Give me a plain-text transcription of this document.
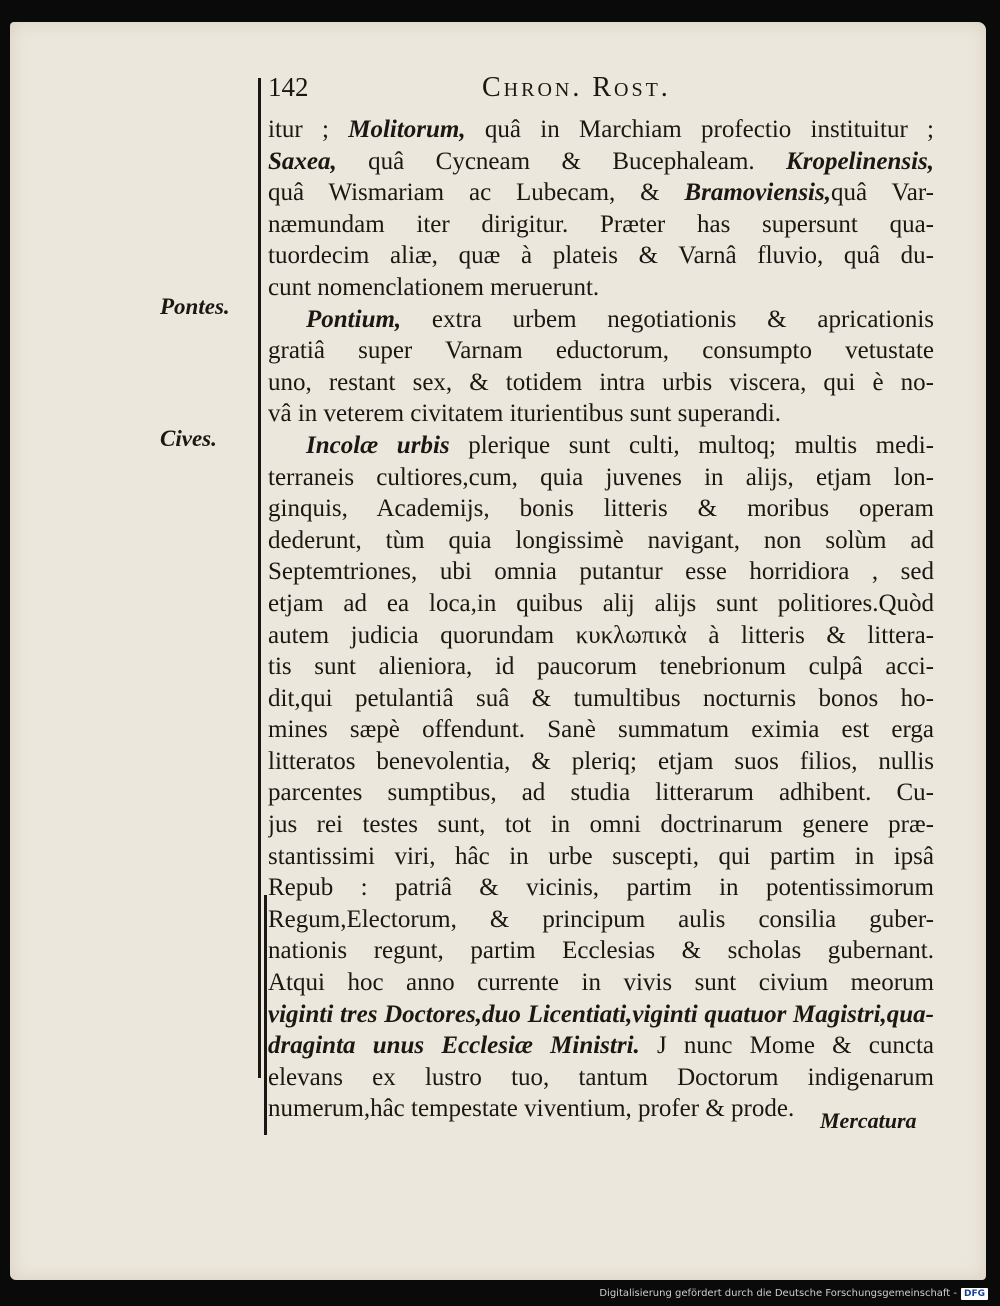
142	Chron. Rost.
Pontes.
Cives.
itur ; Molitorum, quâ in Marchiam profectio instituitur ;
Saxea, quâ Cycneam & Bucephaleam. Kropelinensis,
quâ Wismariam ac Lubecam, & Bramoviensis,quâ Var-
næmundam iter dirigitur. Præter has supersunt qua-
tuordecim aliæ, quæ à plateis & Varnâ fluvio, quâ du-
cunt nomenclationem meruerunt.
Pontium, extra urbem negotiationis & apricationis
gratiâ super Varnam eductorum, consumpto vetustate
uno, restant sex, & totidem intra urbis viscera, qui è no-
vâ in veterem civitatem iturientibus sunt superandi.
Incolæ urbis plerique sunt culti, multoq; multis medi-
terraneis cultiores,cum, quia juvenes in alijs, etjam lon-
ginquis, Academijs, bonis litteris & moribus operam
dederunt, tùm quia longissimè navigant, non solùm ad
Septemtriones, ubi omnia putantur esse horridiora , sed
etjam ad ea loca,in quibus alij alijs sunt politiores.Quòd
autem judicia quorundam κυκλωπικὰ à litteris & littera-
tis sunt alieniora, id paucorum tenebrionum culpâ acci-
dit,qui petulantiâ suâ & tumultibus nocturnis bonos ho-
mines sæpè offendunt. Sanè summatum eximia est erga
litteratos benevolentia, & pleriq; etjam suos filios, nullis
parcentes sumptibus, ad studia litterarum adhibent. Cu-
jus rei testes sunt, tot in omni doctrinarum genere præ-
stantissimi viri, hâc in urbe suscepti, qui partim in ipsâ
Repub : patriâ & vicinis, partim in potentissimorum
Regum,Electorum, & principum aulis consilia guber-
nationis regunt, partim Ecclesias & scholas gubernant.
Atqui hoc anno currente in vivis sunt civium meorum
viginti tres Doctores,duo Licentiati,viginti quatuor Magistri,qua-
draginta unus Ecclesiæ Ministri. J nunc Mome & cuncta
elevans ex lustro tuo, tantum Doctorum indigenarum
numerum,hâc tempestate viventium, profer & prode.	Mercatura
Digitalisierung gefördert durch die Deutsche Forschungsgemeinschaft - DFG
